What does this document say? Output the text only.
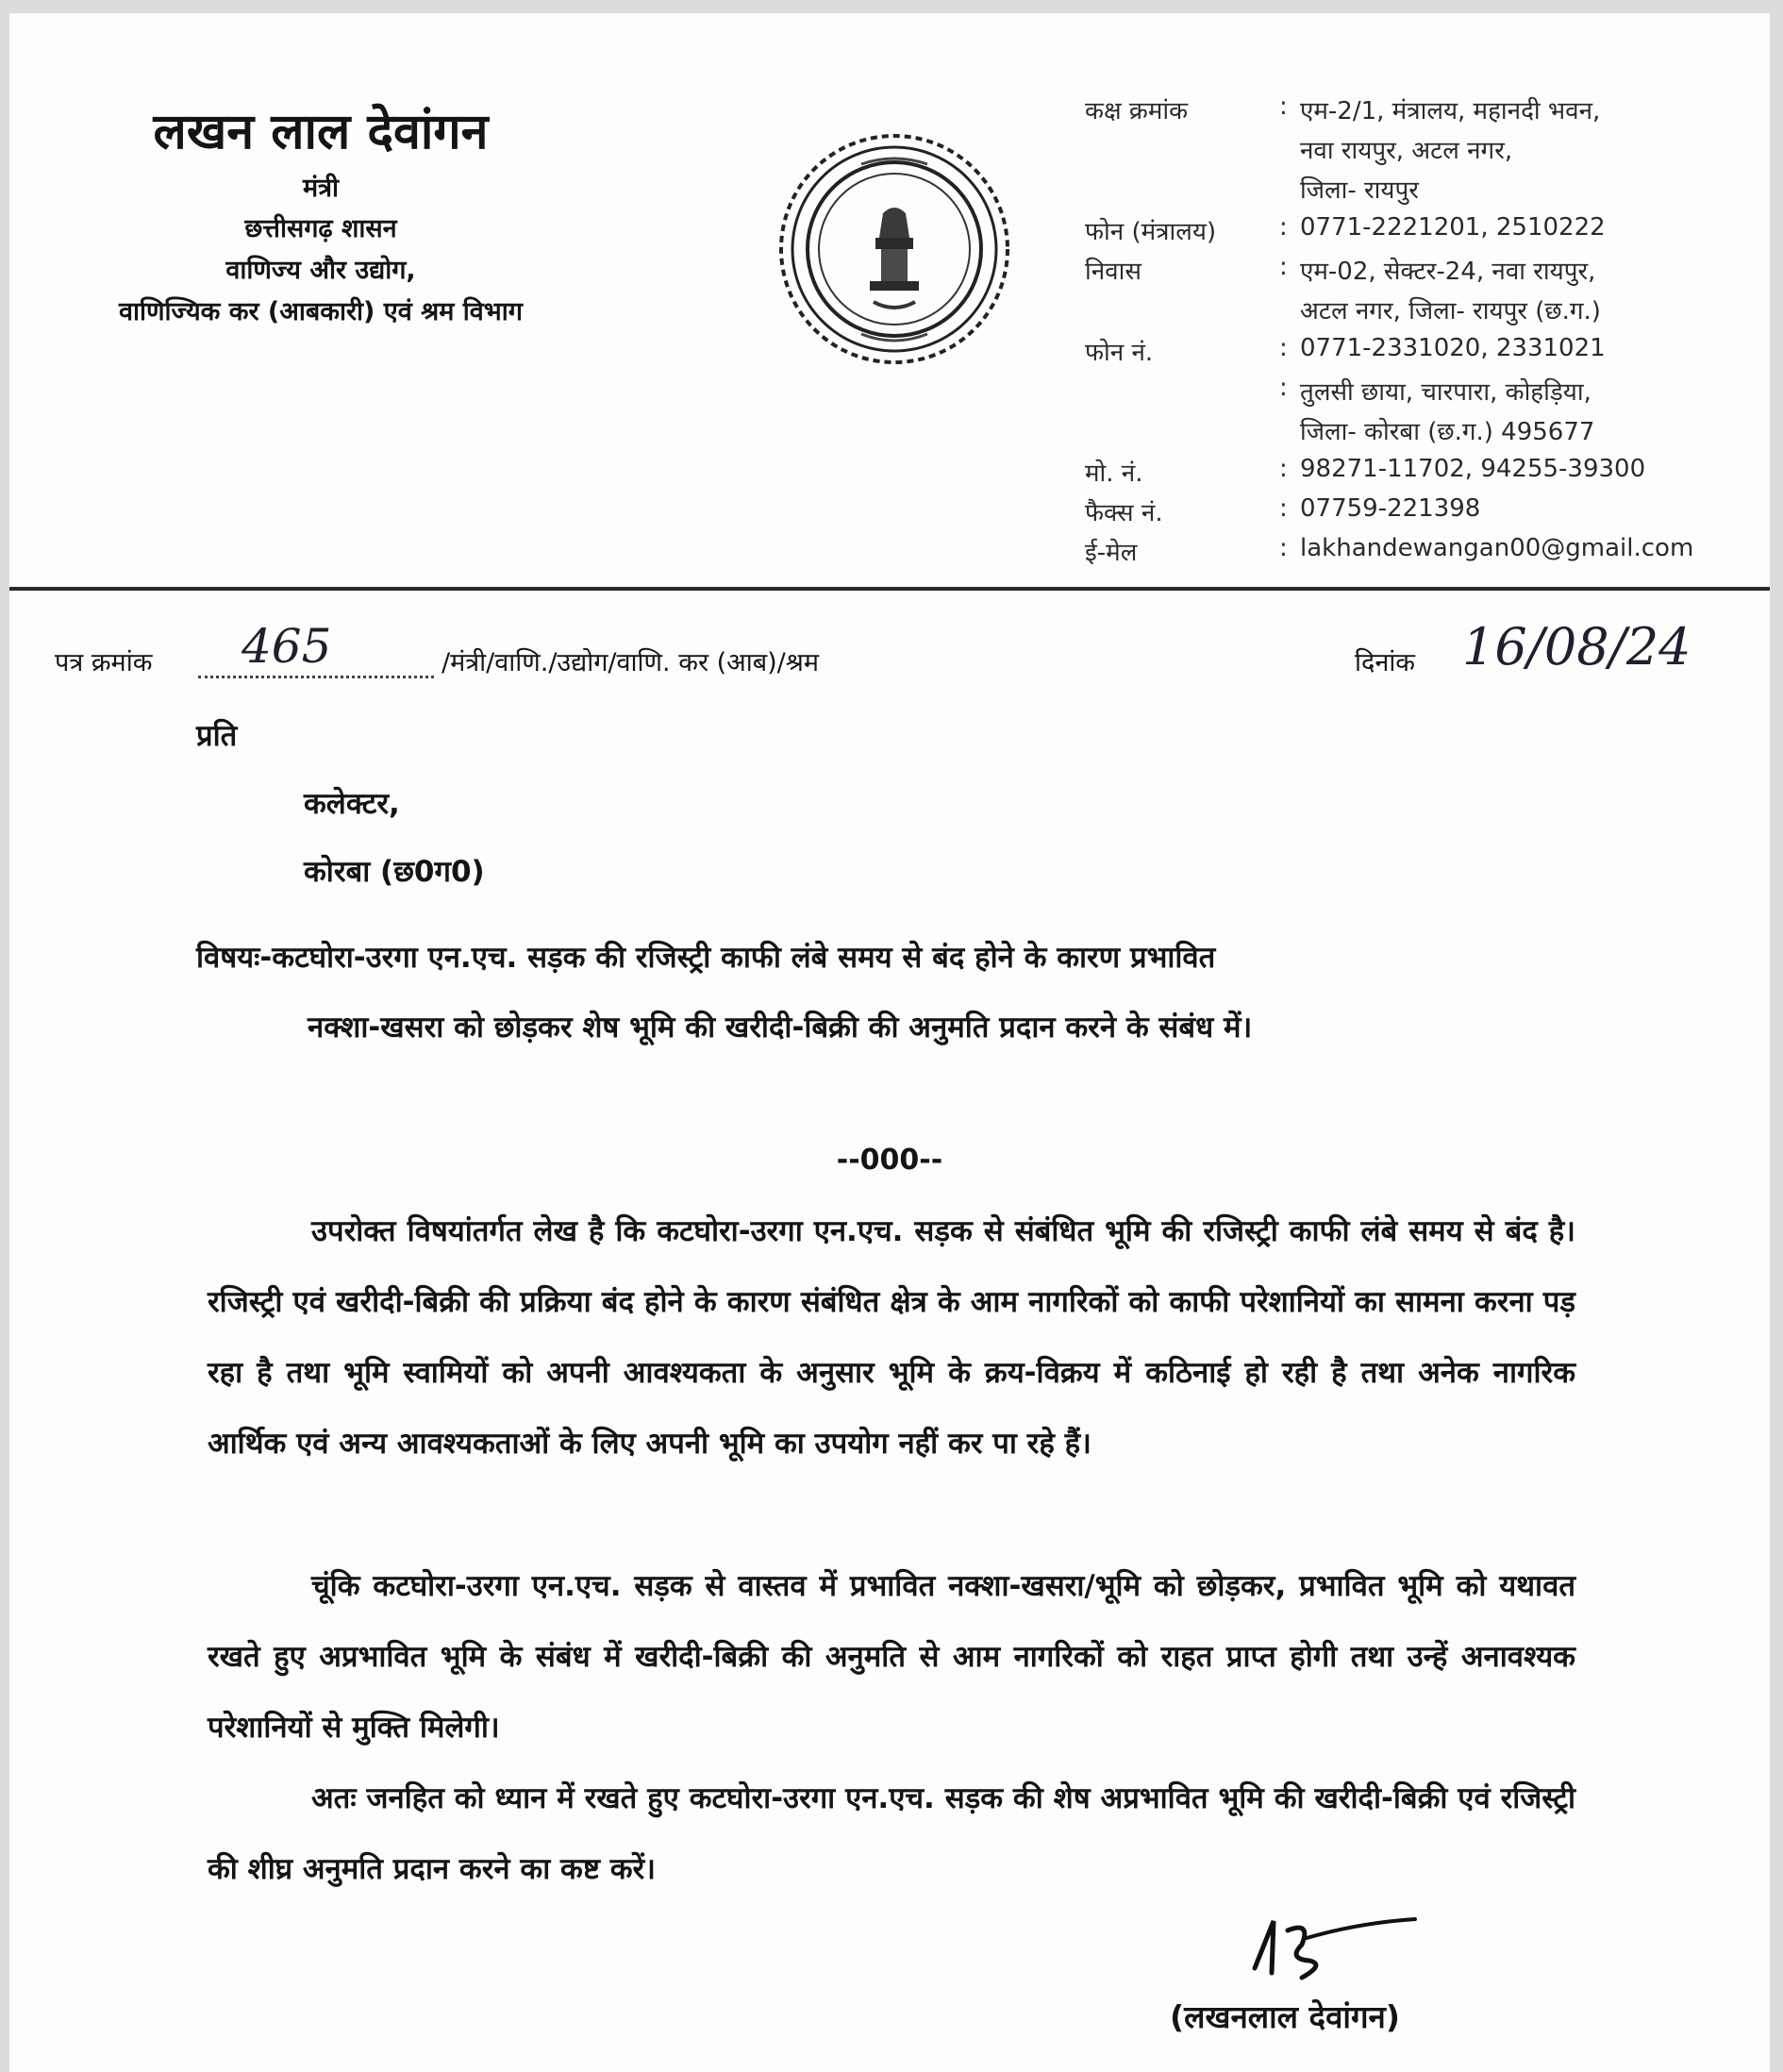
लखन लाल देवांगन
मंत्री
छत्तीसगढ़ शासन
वाणिज्य और उद्योग,
वाणिज्यिक कर (आबकारी) एवं श्रम विभाग
कक्ष क्रमांक	: एम-2/1, मंत्रालय, महानदी भवन,
नवा रायपुर, अटल नगर,
जिला- रायपुर
फोन (मंत्रालय)	: 0771-2221201, 2510222
निवास	: एम-02, सेक्टर-24, नवा रायपुर,
अटल नगर, जिला- रायपुर (छ.ग.)
फोन नं.	: 0771-2331020, 2331021
: तुलसी छाया, चारपारा, कोहड़िया,
जिला- कोरबा (छ.ग.) 495677
मो. नं.	: 98271-11702, 94255-39300
फैक्स नं.	: 07759-221398
ई-मेल	: lakhandewangan00@gmail.com
पत्र क्रमांक 465	/मंत्री/वाणि./उद्योग/वाणि. कर (आब)/श्रम	दिनांक 16/08/24
प्रति
कलेक्टर,
कोरबा (छ0ग0)
विषयः-कटघोरा-उरगा एन.एच. सड़क की रजिस्ट्री काफी लंबे समय से बंद होने के कारण प्रभावित
नक्शा-खसरा को छोड़कर शेष भूमि की खरीदी-बिक्री की अनुमति प्रदान करने के संबंध में।
--000--
उपरोक्त विषयांतर्गत लेख है कि कटघोरा-उरगा एन.एच. सड़क से संबंधित भूमि की रजिस्ट्री काफी लंबे समय से बंद है। रजिस्ट्री एवं खरीदी-बिक्री की प्रक्रिया बंद होने के कारण संबंधित क्षेत्र के आम नागरिकों को काफी परेशानियों का सामना करना पड़ रहा है तथा भूमि स्वामियों को अपनी आवश्यकता के अनुसार भूमि के क्रय-विक्रय में कठिनाई हो रही है तथा अनेक नागरिक आर्थिक एवं अन्य आवश्यकताओं के लिए अपनी भूमि का उपयोग नहीं कर पा रहे हैं।
चूंकि कटघोरा-उरगा एन.एच. सड़क से वास्तव में प्रभावित नक्शा-खसरा/भूमि को छोड़कर, प्रभावित भूमि को यथावत रखते हुए अप्रभावित भूमि के संबंध में खरीदी-बिक्री की अनुमति से आम नागरिकों को राहत प्राप्त होगी तथा उन्हें अनावश्यक परेशानियों से मुक्ति मिलेगी।
अतः जनहित को ध्यान में रखते हुए कटघोरा-उरगा एन.एच. सड़क की शेष अप्रभावित भूमि की खरीदी-बिक्री एवं रजिस्ट्री की शीघ्र अनुमति प्रदान करने का कष्ट करें।
(लखनलाल देवांगन)
